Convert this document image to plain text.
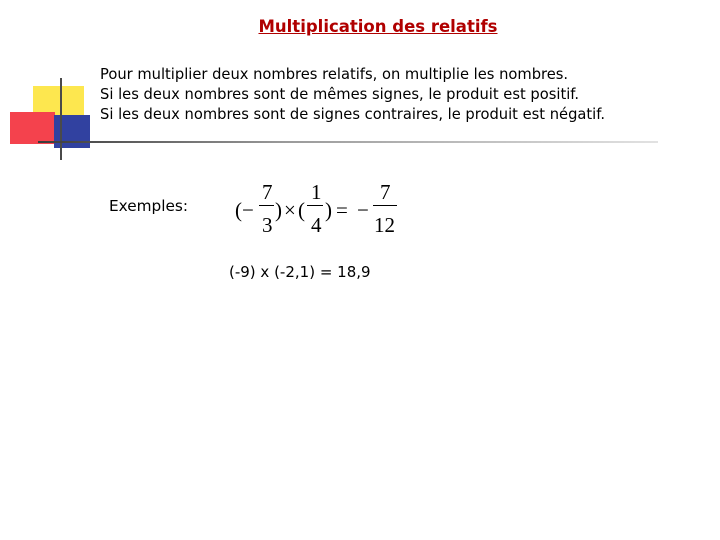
Multiplication des relatifs
Pour multiplier deux nombres relatifs, on multiplie les nombres.
Si les deux nombres sont de mêmes signes, le produit est positif.
Si les deux nombres sont de signes contraires, le produit est négatif.
Exemples: ( −
7
3
) × (
1
4
) = −
7
12
(-9) x (-2,1) = 18,9
